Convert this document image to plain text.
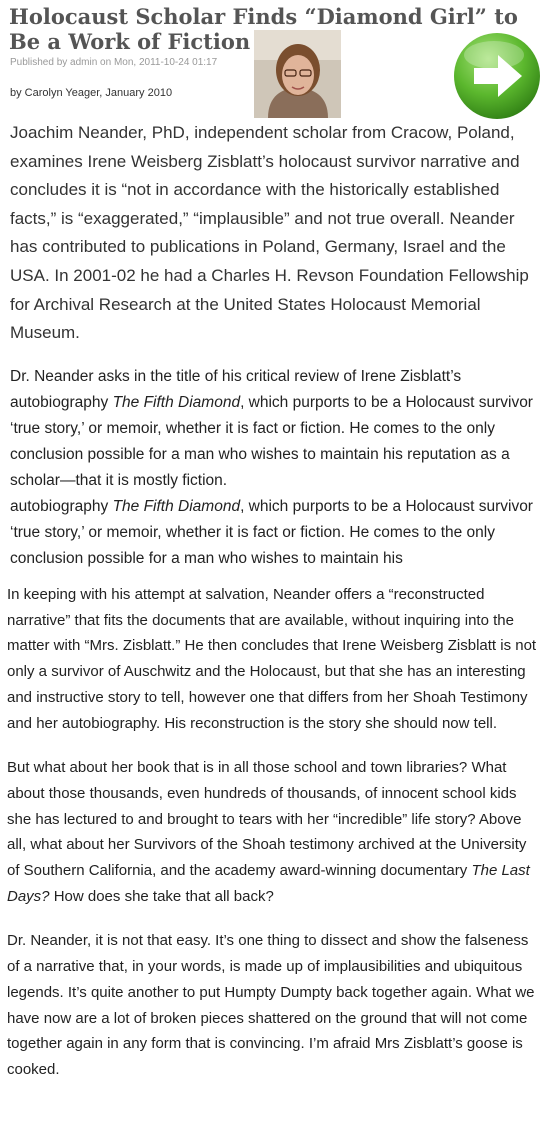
Holocaust Scholar Finds “Diamond Girl” to Be a Work of Fiction
Published by admin on Mon, 2011-10-24 01:17
by Carolyn Yeager, January 2010

Joachim Neander, PhD, independent scholar from Cracow, Poland, examines Irene Weisberg Zisblatt’s holocaust survivor narrative and concludes it is “not in accordance with the historically established facts,” is “exaggerated,” “implausible” and not true overall. Neander has contributed to publications in Poland, Germany, Israel and the USA. In 2001-02 he had a Charles H. Revson Foundation Fellowship for Archival Research at the United States Holocaust Memorial Museum.

Dr. Neander asks in the title of his critical review of Irene Zisblatt’s autobiography The Fifth Diamond, which purports to be a Holocaust survivor ‘true story,’ or memoir, whether it is fact or fiction. He comes to the only conclusion possible for a man who wishes to maintain his reputation as a scholar—that it is mostly fiction.

autobiography The Fifth Diamond, which purports to be a Holocaust survivor ‘true story,’ or memoir, whether it is fact or fiction. He comes to the only conclusion possible for a man who wishes to maintain his

In keeping with his attempt at salvation, Neander offers a “reconstructed narrative” that fits the documents that are available, without inquiring into the matter with “Mrs. Zisblatt.” He then concludes that Irene Weisberg Zisblatt is not only a survivor of Auschwitz and the Holocaust, but that she has an interesting and instructive story to tell, however one that differs from her Shoah Testimony and her autobiography. His reconstruction is the story she should now tell.

But what about her book that is in all those school and town libraries? What about those thousands, even hundreds of thousands, of innocent school kids she has lectured to and brought to tears with her “incredible” life story? Above all, what about her Survivors of the Shoah testimony archived at the University of Southern California, and the academy award-winning documentary The Last Days? How does she take that all back?

Dr. Neander, it is not that easy. It’s one thing to dissect and show the falseness of a narrative that, in your words, is made up of implausibilities and ubiquitous legends. It’s quite another to put Humpty Dumpty back together again. What we have now are a lot of broken pieces shattered on the ground that will not come together again in any form that is convincing. I’m afraid Mrs Zisblatt’s goose is cooked.
